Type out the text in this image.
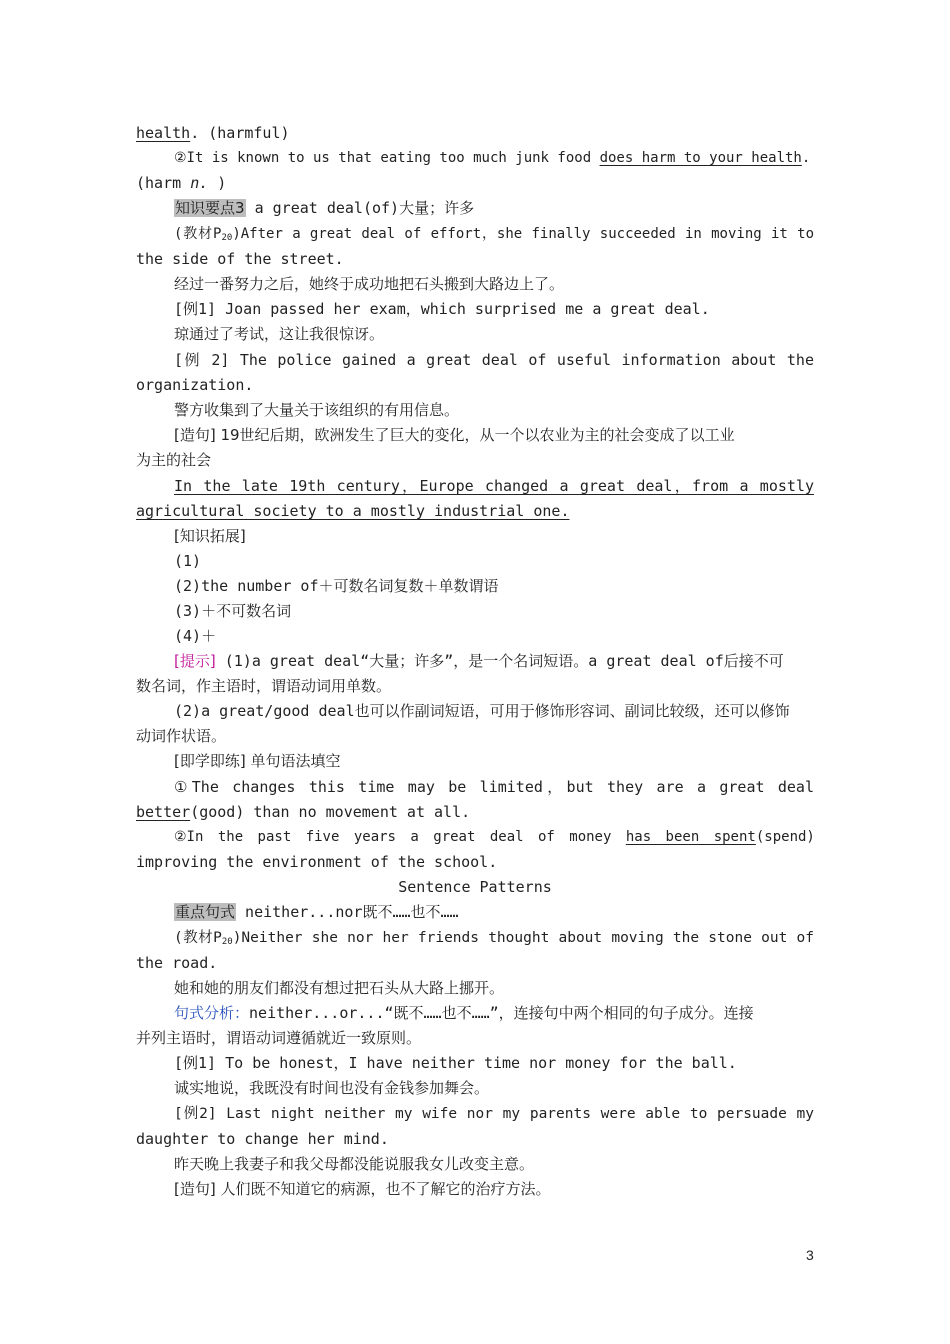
health. (harmful)
②It is known to us that eating too much junk food does harm to your health.
(harm n. )
知识要点3 a great deal(of)大量；许多
(教材$P_{20})After$ a great deal of effort，she finally succeeded in moving it to
the side of the street.
经过一番努力之后，她终于成功地把石头搬到大路边上了。
[例1] Joan passed her exam，which surprised me a great deal.
琼通过了考试，这让我很惊讶。
[例 2] The police gained a great deal of useful information about the
organization.
警方收集到了大量关于该组织的有用信息。
[造句] 19世纪后期，欧洲发生了巨大的变化，从一个以农业为主的社会变成了以工业
为主的社会
In the late 19th century，Europe changed a great deal，from a mostly
agricultural society to a mostly industrial one.
[知识拓展]
(1)
(2)the number of＋可数名词复数＋单数谓语
(3)＋不可数名词
(4)＋
[提示] (1)a great deal“大量；许多”，是一个名词短语。a great deal of后接不可
数名词，作主语时，谓语动词用单数。
(2)a great/good deal也可以作副词短语，可用于修饰形容词、副词比较级，还可以修饰
动词作状语。
[即学即练] 单句语法填空
①The changes this time may be limited，but they are a great deal
better(good) than no movement at all.
②In the past five years a great deal of money has been spent(spend)
improving the environment of the school.
Sentence Patterns
重点句式 neither...nor既不……也不……
(教材$P_{20})Neither$ she nor her friends thought about moving the stone out of
the road.
她和她的朋友们都没有想过把石头从大路上挪开。
句式分析：neither...or...“既不……也不……”，连接句中两个相同的句子成分。连接
并列主语时，谓语动词遵循就近一致原则。
[例1] To be honest，I have neither time nor money for the ball.
诚实地说，我既没有时间也没有金钱参加舞会。
[例2] Last night neither my wife nor my parents were able to persuade my
daughter to change her mind.
昨天晚上我妻子和我父母都没能说服我女儿改变主意。
[造句] 人们既不知道它的病源，也不了解它的治疗方法。
3
